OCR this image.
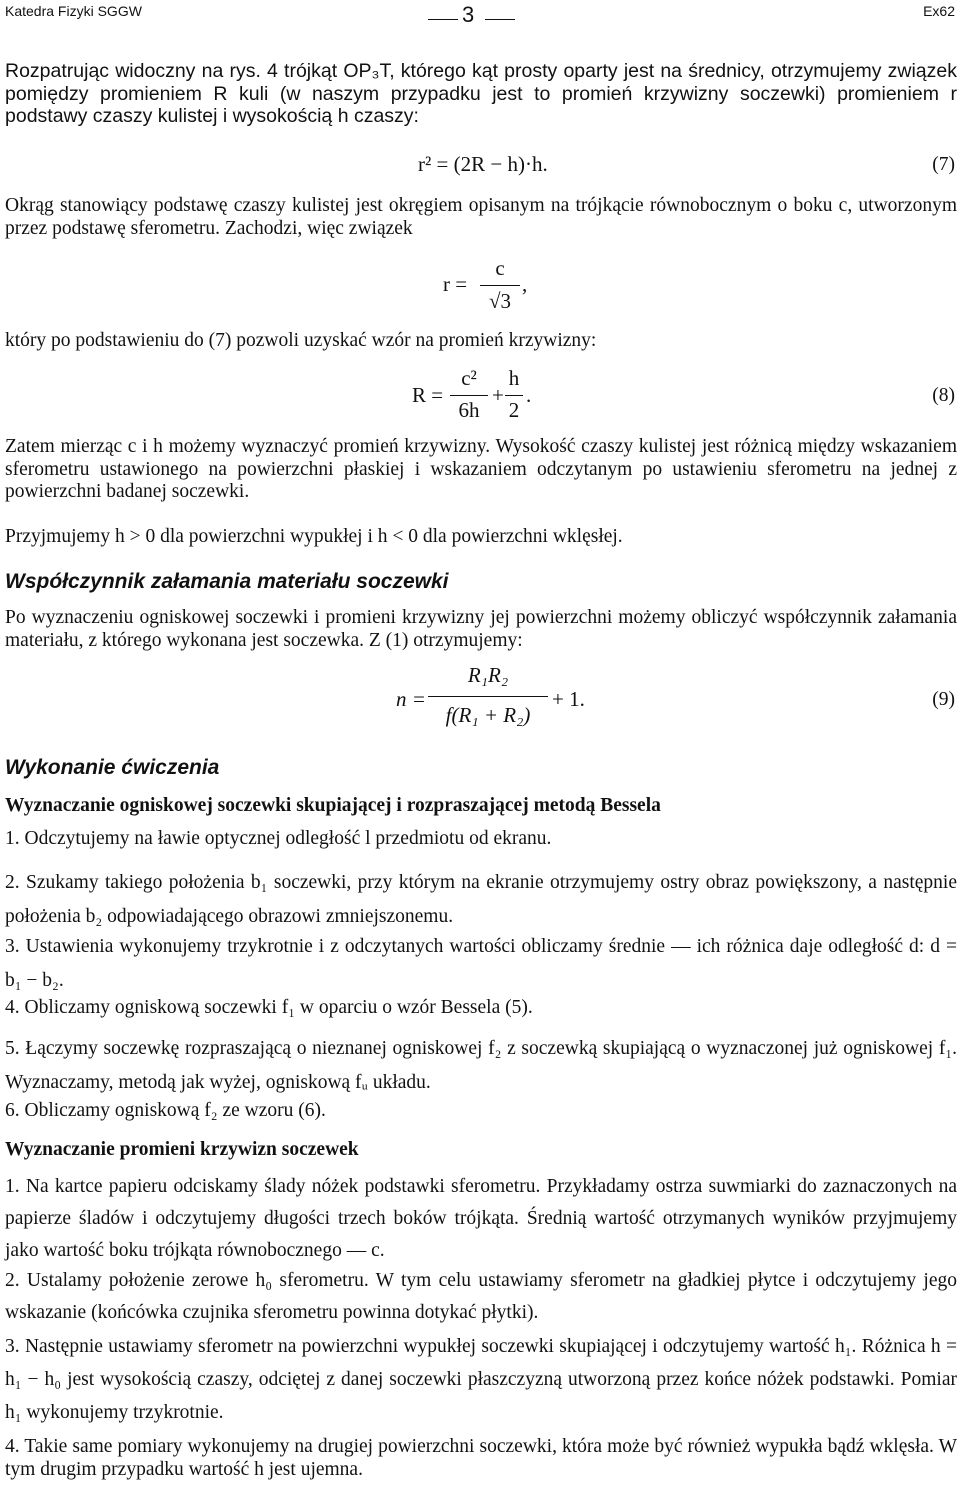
Katedra Fizyki SGGW	3	Ex62
Rozpatrując widoczny na rys. 4 trójkąt OP₃T, którego kąt prosty oparty jest na średnicy, otrzymujemy związek pomiędzy promieniem R kuli (w naszym przypadku jest to promień krzywizny soczewki) promieniem r podstawy czaszy kulistej i wysokością h czaszy:
r² = (2R − h)·h.	(7)
Okrąg stanowiący podstawę czaszy kulistej jest okręgiem opisanym na trójkącie równobocznym o boku c, utworzonym przez podstawę sferometru. Zachodzi, więc związek
r =
c
√3
,
który po podstawieniu do (7) pozwoli uzyskać wzór na promień krzywizny:
R =
c²
6h
+
h
2
.	(8)
Zatem mierząc c i h możemy wyznaczyć promień krzywizny. Wysokość czaszy kulistej jest różnicą między wskazaniem sferometru ustawionego na powierzchni płaskiej i wskazaniem odczytanym po ustawieniu sferometru na jednej z powierzchni badanej soczewki.
Przyjmujemy h > 0 dla powierzchni wypukłej i h < 0 dla powierzchni wklęsłej.
Współczynnik załamania materiału soczewki
Po wyznaczeniu ogniskowej soczewki i promieni krzywizny jej powierzchni możemy obliczyć współczynnik załamania materiału, z którego wykonana jest soczewka. Z (1) otrzymujemy:
n =
R₁R₂
f(R₁ + R₂)
+ 1.	(9)
Wykonanie ćwiczenia
Wyznaczanie ogniskowej soczewki skupiającej i rozpraszającej metodą Bessela
1. Odczytujemy na ławie optycznej odległość l przedmiotu od ekranu.
2. Szukamy takiego położenia b₁ soczewki, przy którym na ekranie otrzymujemy ostry obraz powiększony, a następnie położenia b₂ odpowiadającego obrazowi zmniejszonemu.
3. Ustawienia wykonujemy trzykrotnie i z odczytanych wartości obliczamy średnie — ich różnica daje odległość d: d = b₁ − b₂.
4. Obliczamy ogniskową soczewki f₁ w oparciu o wzór Bessela (5).
5. Łączymy soczewkę rozpraszającą o nieznanej ogniskowej f₂ z soczewką skupiającą o wyznaczonej już ogniskowej f₁. Wyznaczamy, metodą jak wyżej, ogniskową fᵤ układu.
6. Obliczamy ogniskową f₂ ze wzoru (6).
Wyznaczanie promieni krzywizn soczewek
1. Na kartce papieru odciskamy ślady nóżek podstawki sferometru. Przykładamy ostrza suwmiarki do zaznaczonych na papierze śladów i odczytujemy długości trzech boków trójkąta. Średnią wartość otrzymanych wyników przyjmujemy jako wartość boku trójkąta równobocznego — c.
2. Ustalamy położenie zerowe h₀ sferometru. W tym celu ustawiamy sferometr na gładkiej płytce i odczytujemy jego wskazanie (końcówka czujnika sferometru powinna dotykać płytki).
3. Następnie ustawiamy sferometr na powierzchni wypukłej soczewki skupiającej i odczytujemy wartość h₁. Różnica h = h₁ − h₀ jest wysokością czaszy, odciętej z danej soczewki płaszczyzną utworzoną przez końce nóżek podstawki. Pomiar h₁ wykonujemy trzykrotnie.
4. Takie same pomiary wykonujemy na drugiej powierzchni soczewki, która może być również wypukła bądź wklęsła. W tym drugim przypadku wartość h jest ujemna.
